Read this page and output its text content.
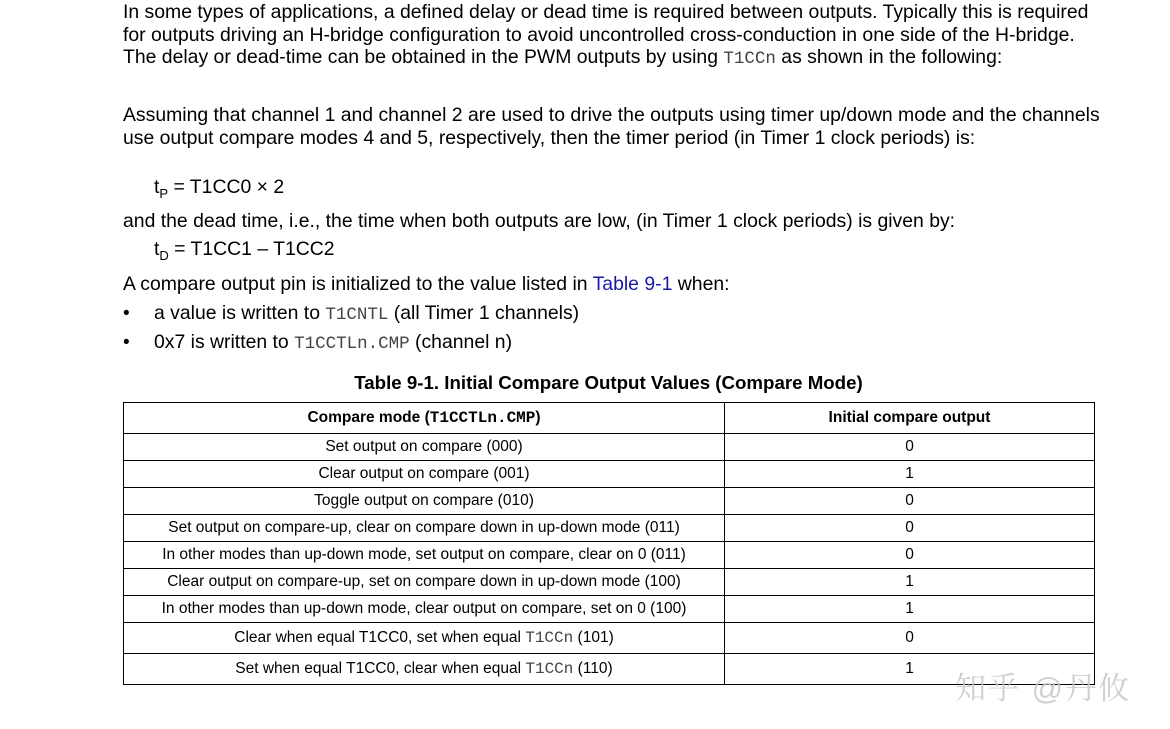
In some types of applications, a defined delay or dead time is required between outputs. Typically this is required for outputs driving an H-bridge configuration to avoid uncontrolled cross-conduction in one side of the H-bridge. The delay or dead-time can be obtained in the PWM outputs by using T1CCn as shown in the following:

Assuming that channel 1 and channel 2 are used to drive the outputs using timer up/down mode and the channels use output compare modes 4 and 5, respectively, then the timer period (in Timer 1 clock periods) is:

$t_P = T1CC0 \times 2$

and the dead time, i.e., the time when both outputs are low, (in Timer 1 clock periods) is given by:

$t_D = T1CC1 - T1CC2$

A compare output pin is initialized to the value listed in Table 9-1 when:

• a value is written to T1CNTL (all Timer 1 channels)
• 0x7 is written to T1CCTLn.CMP (channel n)
Table 9-1. Initial Compare Output Values (Compare Mode)
Compare mode (T1CCTLn.CMP)	Initial compare output
Set output on compare (000)	0
Clear output on compare (001)	1
Toggle output on compare (010)	0
Set output on compare-up, clear on compare down in up-down mode (011)	0
In other modes than up-down mode, set output on compare, clear on 0 (011)	0
Clear output on compare-up, set on compare down in up-down mode (100)	1
In other modes than up-down mode, clear output on compare, set on 0 (100)	1
Clear when equal T1CC0, set when equal T1CCn (101)	0
Set when equal T1CC0, clear when equal T1CCn (110)	1
知乎 @丹攸
